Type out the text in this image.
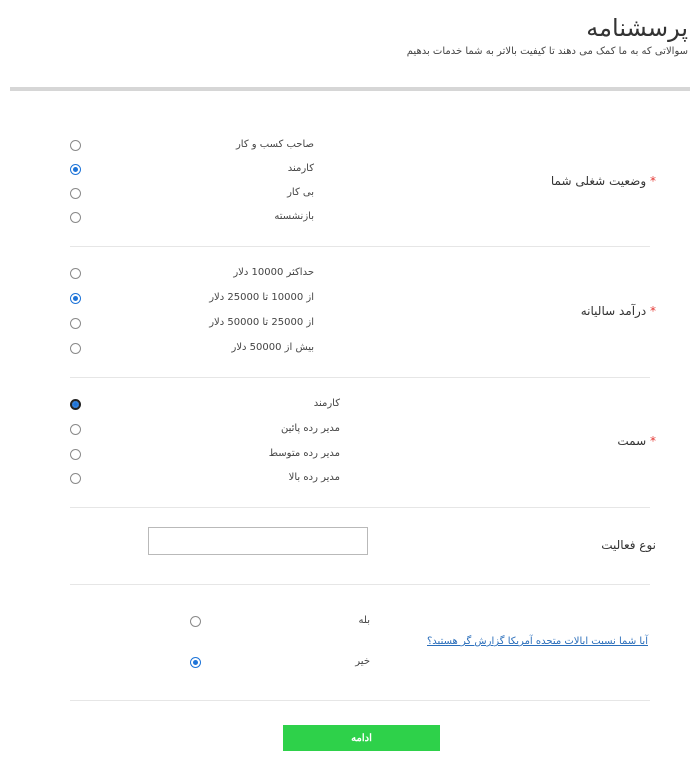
پرسشنامه
سوالاتی که به ما کمک می دهند تا کیفیت بالاتر به شما خدمات بدهیم
* وضعیت شغلی شما
صاحب کسب و کار
کارمند
بی کار
بازنشسته
* درآمد سالیانه
حداکثر 10000 دلار
از 10000 تا 25000 دلار
از 25000 تا 50000 دلار
بیش از 50000 دلار
* سمت
کارمند
مدیر رده پائین
مدیر رده متوسط
مدیر رده بالا
نوع فعالیت
آیا شما نسبت ایالات متحده آمریکا گزارش گر هستید؟
بله
خیر
ادامه
